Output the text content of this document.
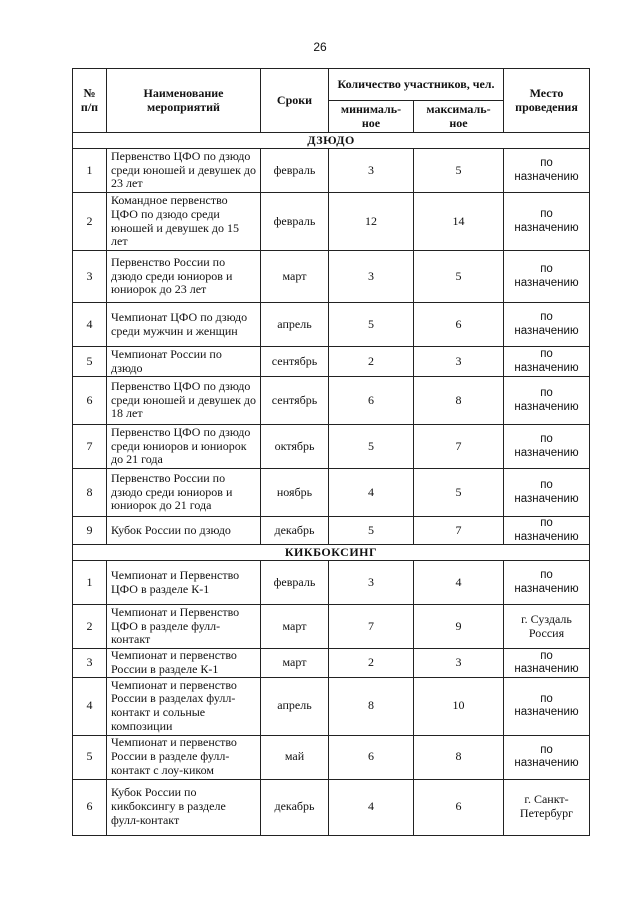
26
№ п/п	Наименование мероприятий	Сроки	Количество участников, чел.		Место проведения
			минималь-ное	максималь-ное	
ДЗЮДО					
1	Первенство ЦФО по дзюдо среди юношей и девушек до 23 лет	февраль	3	5	по назначению
2	Командное первенство ЦФО по дзюдо среди юношей и девушек до 15 лет	февраль	12	14	по назначению
3	Первенство России по дзюдо среди юниоров и юниорок до 23 лет	март	3	5	по назначению
4	Чемпионат ЦФО по дзюдо среди мужчин и женщин	апрель	5	6	по назначению
5	Чемпионат России по дзюдо	сентябрь	2	3	по назначению
6	Первенство ЦФО по дзюдо среди юношей и девушек до 18 лет	сентябрь	6	8	по назначению
7	Первенство ЦФО по дзюдо среди юниоров и юниорок до 21 года	октябрь	5	7	по назначению
8	Первенство России по дзюдо среди юниоров и юниорок до 21 года	ноябрь	4	5	по назначению
9	Кубок России по дзюдо	декабрь	5	7	по назначению
КИКБОКСИНГ					
1	Чемпионат и Первенство ЦФО в разделе К-1	февраль	3	4	по назначению
2	Чемпионат и Первенство ЦФО в разделе фулл-контакт	март	7	9	г. Суздаль Россия
3	Чемпионат и первенство России в разделе К-1	март	2	3	по назначению
4	Чемпионат и первенство России в разделах фулл-контакт и сольные композиции	апрель	8	10	по назначению
5	Чемпионат и первенство России в разделе фулл-контакт с лоу-киком	май	6	8	по назначению
6	Кубок России по кикбоксингу в разделе фулл-контакт	декабрь	4	6	г. Санкт-Петербург
